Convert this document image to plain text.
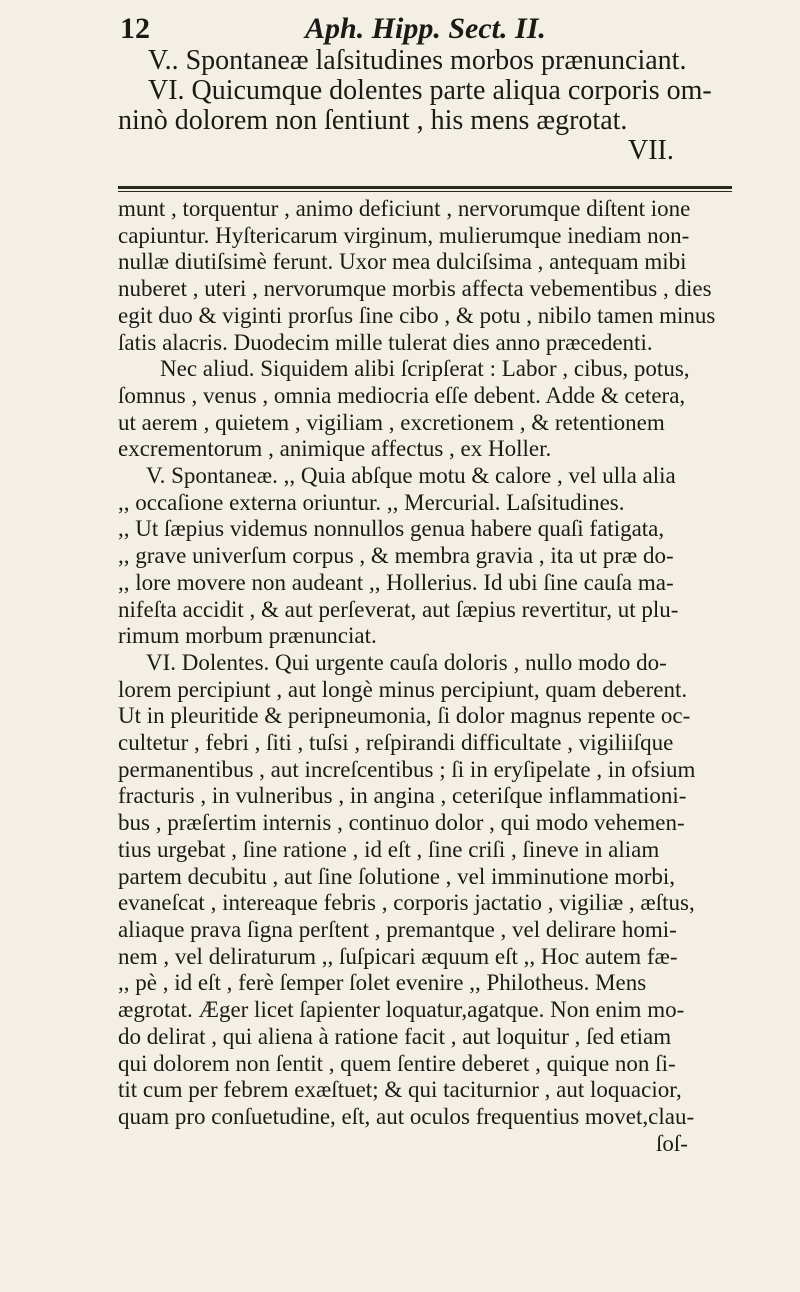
12	Aph. Hipp. Sect. II.
V.. Spontaneæ laſsitudines morbos prænunciant.
VI. Quicumque dolentes parte aliqua corporis om-
ninò dolorem non ſentiunt , his mens ægrotat.
VII.
munt , torquentur , animo deficiunt , nervorumque diſtent ione
capiuntur. Hyſtericarum virginum, mulierumque inediam non-
nullæ diutiſsimè ferunt. Uxor mea dulciſsima , antequam mibi
nuberet , uteri , nervorumque morbis affecta vebementibus , dies
egit duo & viginti prorſus ſine cibo , & potu , nibilo tamen minus
ſatis alacris. Duodecim mille tulerat dies anno præcedenti.
Nec aliud. Siquidem alibi ſcripſerat : Labor , cibus, potus,
ſomnus , venus , omnia mediocria eſſe debent. Adde & cetera,
ut aerem , quietem , vigiliam , excretionem , & retentionem
excrementorum , animique affectus , ex Holler.
V. Spontaneæ. ,, Quia abſque motu & calore , vel ulla alia
,, occaſione externa oriuntur. ,, Mercurial. Laſsitudines.
,, Ut ſæpius videmus nonnullos genua habere quaſi fatigata,
,, grave univerſum corpus , & membra gravia , ita ut præ do-
,, lore movere non audeant ,, Hollerius. Id ubi ſine cauſa ma-
nifeſta accidit , & aut perſeverat, aut ſæpius revertitur, ut plu-
rimum morbum prænunciat.
VI. Dolentes. Qui urgente cauſa doloris , nullo modo do-
lorem percipiunt , aut longè minus percipiunt, quam deberent.
Ut in pleuritide & peripneumonia, ſi dolor magnus repente oc-
cultetur , febri , ſiti , tuſsi , reſpirandi difficultate , vigiliiſque
permanentibus , aut increſcentibus ; ſi in eryſipelate , in ofsium
fracturis , in vulneribus , in angina , ceteriſque inflammationi-
bus , præſertim internis , continuo dolor , qui modo vehemen-
tius urgebat , ſine ratione , id eſt , ſine criſi , ſineve in aliam
partem decubitu , aut ſine ſolutione , vel imminutione morbi,
evaneſcat , intereaque febris , corporis jactatio , vigiliæ , æſtus,
aliaque prava ſigna perſtent , premantque , vel delirare homi-
nem , vel deliraturum ,, ſuſpicari æquum eſt ,, Hoc autem fæ-
,, pè , id eſt , ferè ſemper ſolet evenire ,, Philotheus. Mens
ægrotat. Æger licet ſapienter loquatur,agatque. Non enim mo-
do delirat , qui aliena à ratione facit , aut loquitur , ſed etiam
qui dolorem non ſentit , quem ſentire deberet , quique non ſi-
tit cum per febrem exæſtuet; & qui taciturnior , aut loquacior,
quam pro conſuetudine, eſt, aut oculos frequentius movet,clau-
ſoſ-
